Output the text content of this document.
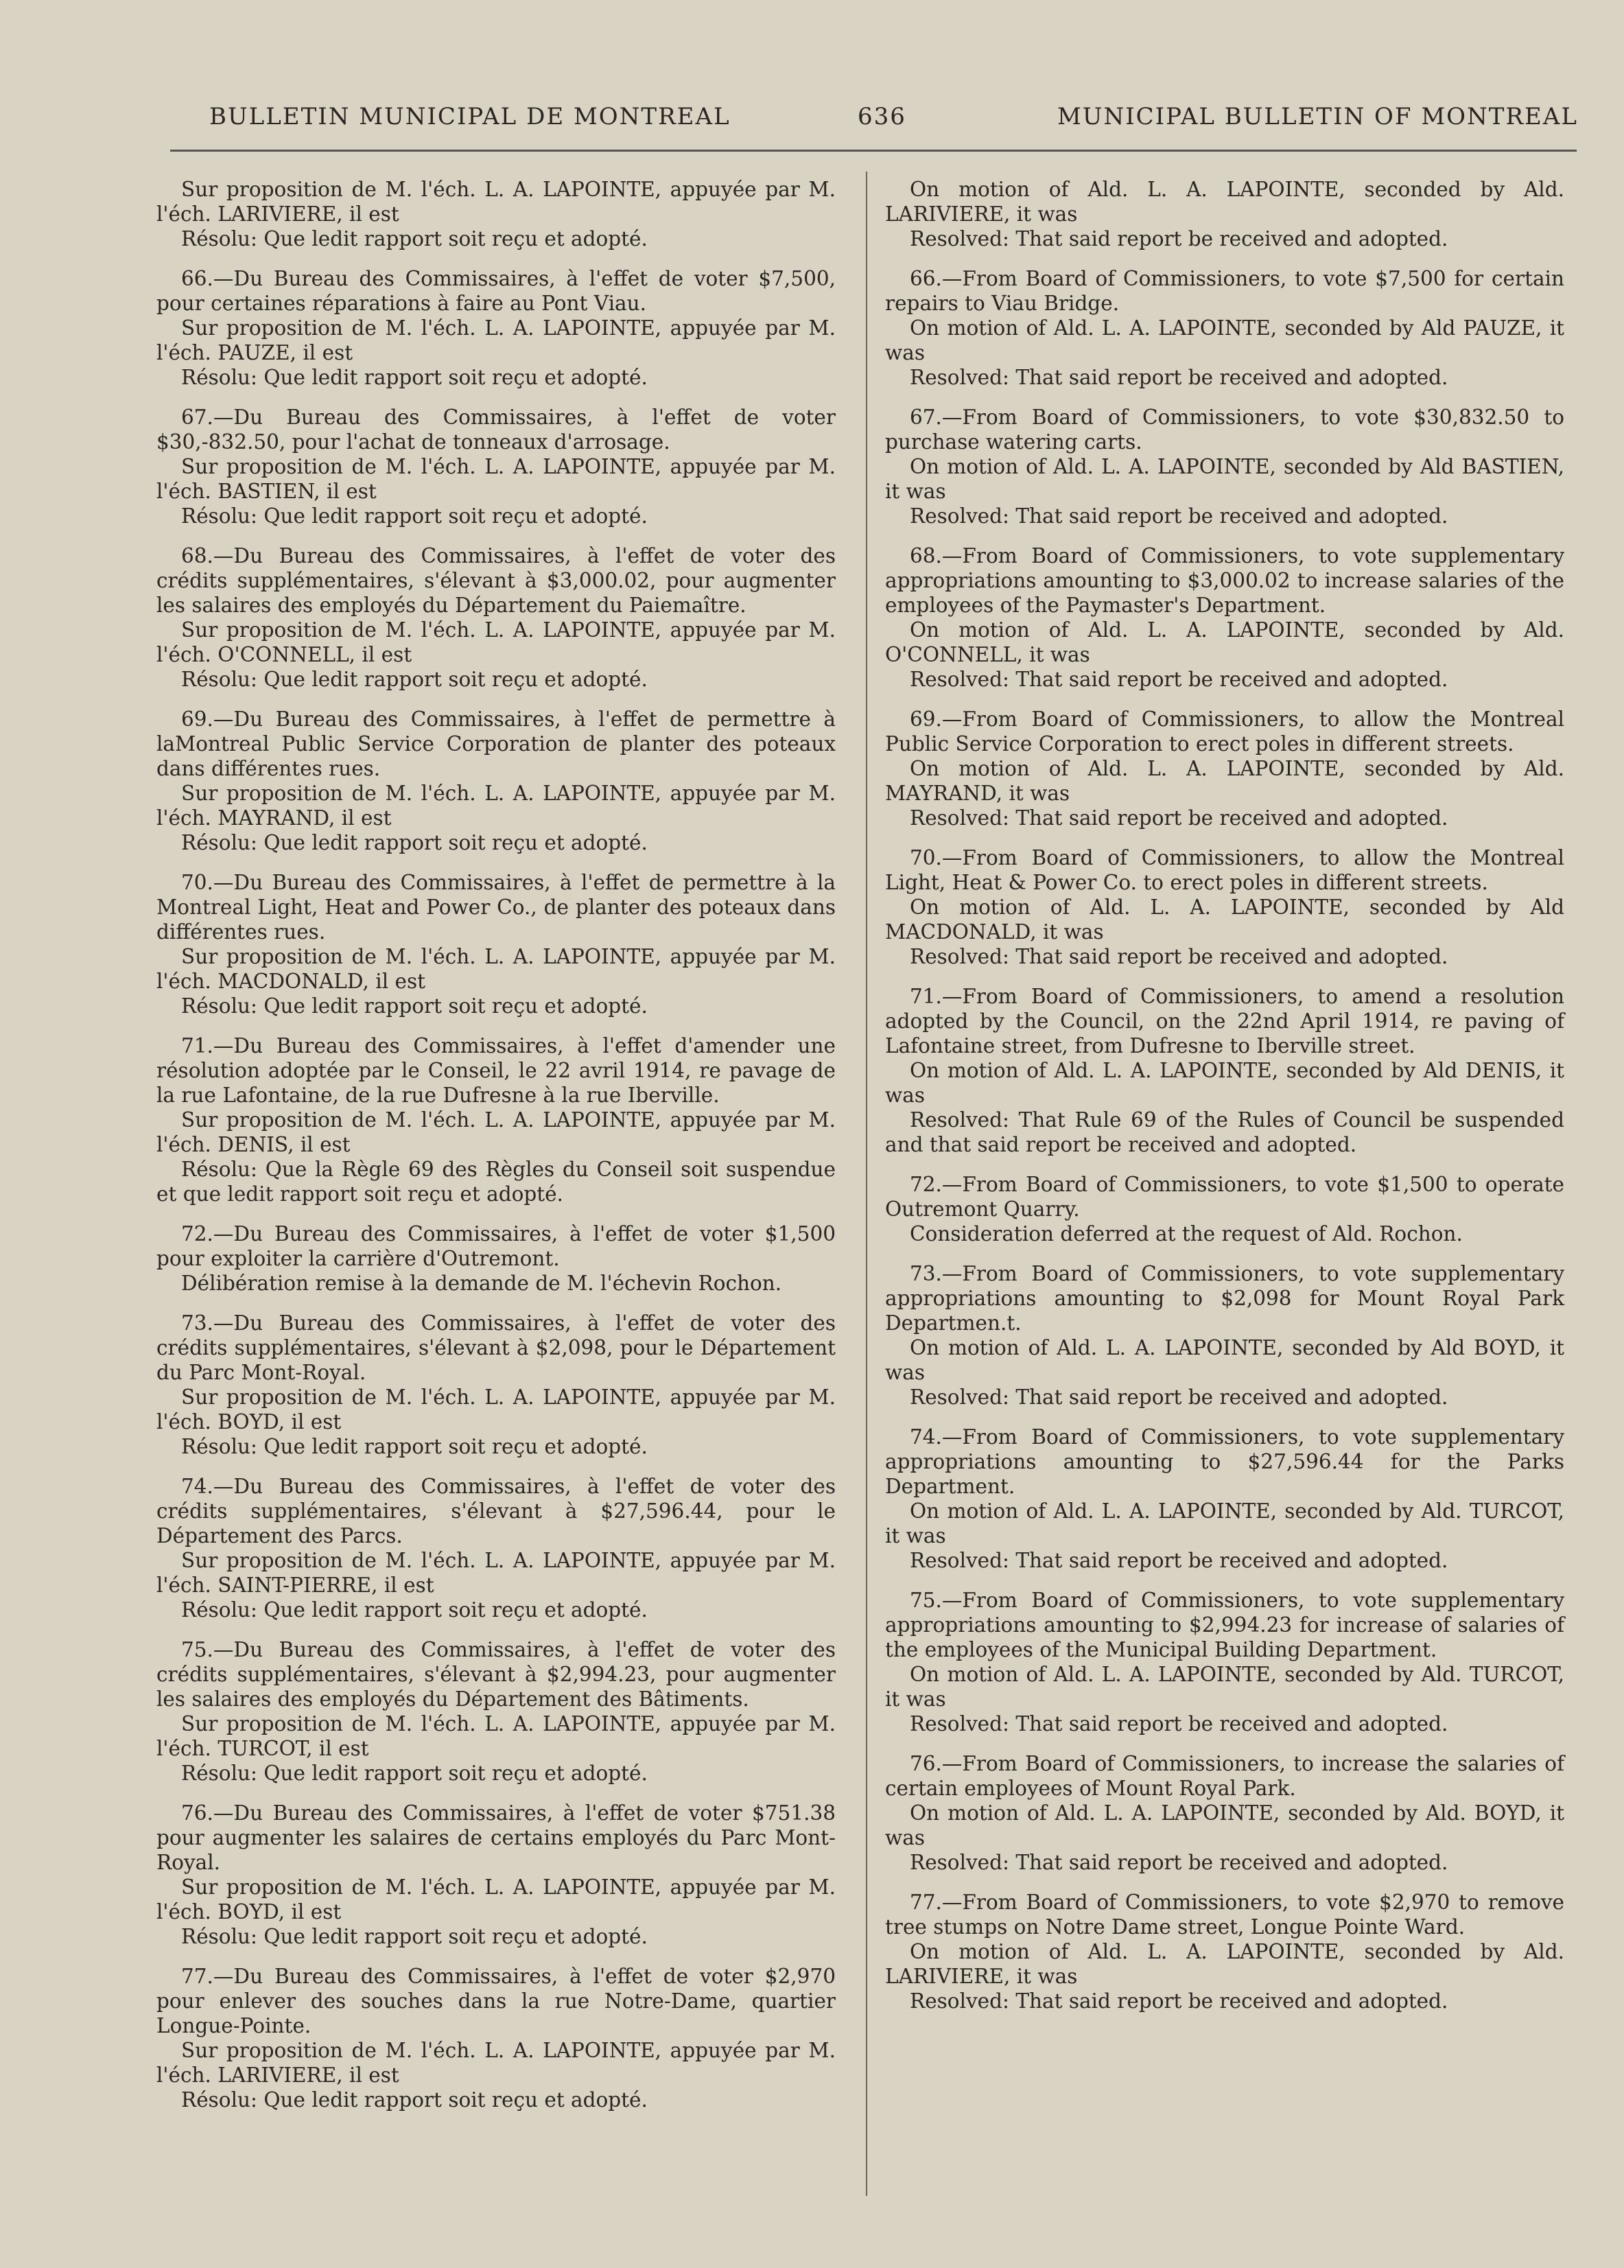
BULLETIN MUNICIPAL DE MONTREAL	636	MUNICIPAL BULLETIN OF MONTREAL

Sur proposition de M. l'éch. L. A. LAPOINTE, appuyée par M. l'éch. LARIVIERE, il est

Résolu: Que ledit rapport soit reçu et adopté.

66.—Du Bureau des Commissaires, à l'effet de voter $7,500, pour certaines réparations à faire au Pont Viau.

Sur proposition de M. l'éch. L. A. LAPOINTE, appuyée par M. l'éch. PAUZE, il est

Résolu: Que ledit rapport soit reçu et adopté.

67.—Du Bureau des Commissaires, à l'effet de voter $30,-832.50, pour l'achat de tonneaux d'arrosage.

Sur proposition de M. l'éch. L. A. LAPOINTE, appuyée par M. l'éch. BASTIEN, il est

Résolu: Que ledit rapport soit reçu et adopté.

68.—Du Bureau des Commissaires, à l'effet de voter des crédits supplémentaires, s'élevant à $3,000.02, pour augmenter les salaires des employés du Département du Paiemaître.

Sur proposition de M. l'éch. L. A. LAPOINTE, appuyée par M. l'éch. O'CONNELL, il est

Résolu: Que ledit rapport soit reçu et adopté.

69.—Du Bureau des Commissaires, à l'effet de permettre à laMontreal Public Service Corporation de planter des poteaux dans différentes rues.

Sur proposition de M. l'éch. L. A. LAPOINTE, appuyée par M. l'éch. MAYRAND, il est

Résolu: Que ledit rapport soit reçu et adopté.

70.—Du Bureau des Commissaires, à l'effet de permettre à la Montreal Light, Heat and Power Co., de planter des poteaux dans différentes rues.

Sur proposition de M. l'éch. L. A. LAPOINTE, appuyée par M. l'éch. MACDONALD, il est

Résolu: Que ledit rapport soit reçu et adopté.

71.—Du Bureau des Commissaires, à l'effet d'amender une résolution adoptée par le Conseil, le 22 avril 1914, re pavage de la rue Lafontaine, de la rue Dufresne à la rue Iberville.

Sur proposition de M. l'éch. L. A. LAPOINTE, appuyée par M. l'éch. DENIS, il est

Résolu: Que la Règle 69 des Règles du Conseil soit suspendue et que ledit rapport soit reçu et adopté.

72.—Du Bureau des Commissaires, à l'effet de voter $1,500 pour exploiter la carrière d'Outremont.

Délibération remise à la demande de M. l'échevin Rochon.

73.—Du Bureau des Commissaires, à l'effet de voter des crédits supplémentaires, s'élevant à $2,098, pour le Département du Parc Mont-Royal.

Sur proposition de M. l'éch. L. A. LAPOINTE, appuyée par M. l'éch. BOYD, il est

Résolu: Que ledit rapport soit reçu et adopté.

74.—Du Bureau des Commissaires, à l'effet de voter des crédits supplémentaires, s'élevant à $27,596.44, pour le Département des Parcs.

Sur proposition de M. l'éch. L. A. LAPOINTE, appuyée par M. l'éch. SAINT-PIERRE, il est

Résolu: Que ledit rapport soit reçu et adopté.

75.—Du Bureau des Commissaires, à l'effet de voter des crédits supplémentaires, s'élevant à $2,994.23, pour augmenter les salaires des employés du Département des Bâtiments.

Sur proposition de M. l'éch. L. A. LAPOINTE, appuyée par M. l'éch. TURCOT, il est

Résolu: Que ledit rapport soit reçu et adopté.

76.—Du Bureau des Commissaires, à l'effet de voter $751.38 pour augmenter les salaires de certains employés du Parc Mont-Royal.

Sur proposition de M. l'éch. L. A. LAPOINTE, appuyée par M. l'éch. BOYD, il est

Résolu: Que ledit rapport soit reçu et adopté.

77.—Du Bureau des Commissaires, à l'effet de voter $2,970 pour enlever des souches dans la rue Notre-Dame, quartier Longue-Pointe.

Sur proposition de M. l'éch. L. A. LAPOINTE, appuyée par M. l'éch. LARIVIERE, il est

Résolu: Que ledit rapport soit reçu et adopté.

On motion of Ald. L. A. LAPOINTE, seconded by Ald. LARIVIERE, it was

Resolved: That said report be received and adopted.

66.—From Board of Commissioners, to vote $7,500 for certain repairs to Viau Bridge.

On motion of Ald. L. A. LAPOINTE, seconded by Ald PAUZE, it was

Resolved: That said report be received and adopted.

67.—From Board of Commissioners, to vote $30,832.50 to purchase watering carts.

On motion of Ald. L. A. LAPOINTE, seconded by Ald BASTIEN, it was

Resolved: That said report be received and adopted.

68.—From Board of Commissioners, to vote supplementary appropriations amounting to $3,000.02 to increase salaries of the employees of the Paymaster's Department.

On motion of Ald. L. A. LAPOINTE, seconded by Ald. O'CONNELL, it was

Resolved: That said report be received and adopted.

69.—From Board of Commissioners, to allow the Montreal Public Service Corporation to erect poles in different streets.

On motion of Ald. L. A. LAPOINTE, seconded by Ald. MAYRAND, it was

Resolved: That said report be received and adopted.

70.—From Board of Commissioners, to allow the Montreal Light, Heat & Power Co. to erect poles in different streets.

On motion of Ald. L. A. LAPOINTE, seconded by Ald MACDONALD, it was

Resolved: That said report be received and adopted.

71.—From Board of Commissioners, to amend a resolution adopted by the Council, on the 22nd April 1914, re paving of Lafontaine street, from Dufresne to Iberville street.

On motion of Ald. L. A. LAPOINTE, seconded by Ald DENIS, it was

Resolved: That Rule 69 of the Rules of Council be suspended and that said report be received and adopted.

72.—From Board of Commissioners, to vote $1,500 to operate Outremont Quarry.

Consideration deferred at the request of Ald. Rochon.

73.—From Board of Commissioners, to vote supplementary appropriations amounting to $2,098 for Mount Royal Park Departmen.t.

On motion of Ald. L. A. LAPOINTE, seconded by Ald BOYD, it was

Resolved: That said report be received and adopted.

74.—From Board of Commissioners, to vote supplementary appropriations amounting to $27,596.44 for the Parks Department.

On motion of Ald. L. A. LAPOINTE, seconded by Ald. TURCOT, it was

Resolved: That said report be received and adopted.

75.—From Board of Commissioners, to vote supplementary appropriations amounting to $2,994.23 for increase of salaries of the employees of the Municipal Building Department.

On motion of Ald. L. A. LAPOINTE, seconded by Ald. TURCOT, it was

Resolved: That said report be received and adopted.

76.—From Board of Commissioners, to increase the salaries of certain employees of Mount Royal Park.

On motion of Ald. L. A. LAPOINTE, seconded by Ald. BOYD, it was

Resolved: That said report be received and adopted.

77.—From Board of Commissioners, to vote $2,970 to remove tree stumps on Notre Dame street, Longue Pointe Ward.

On motion of Ald. L. A. LAPOINTE, seconded by Ald. LARIVIERE, it was

Resolved: That said report be received and adopted.
